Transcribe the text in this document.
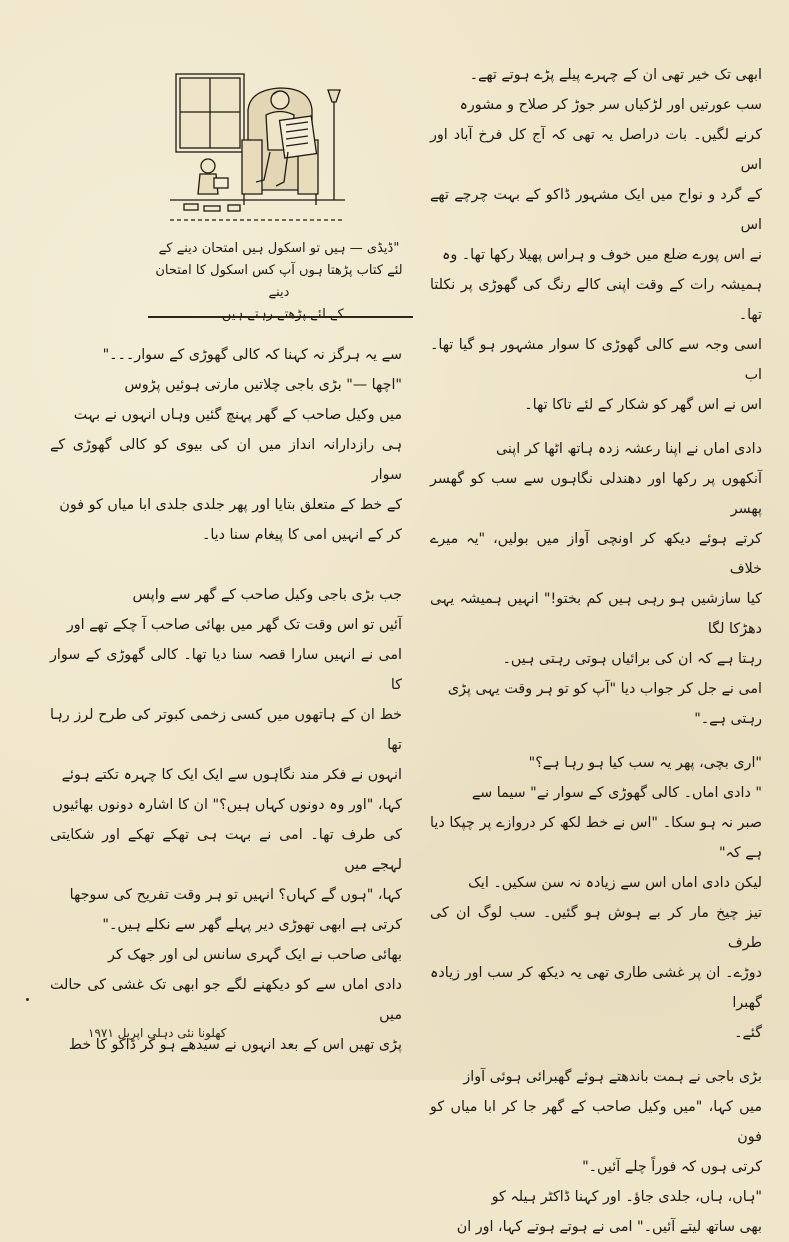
"ڈیڈی — ہیں تو اسکول ہیں امتحان دینے کے
لئے کتاب پڑھتا ہوں آپ کس اسکول کا امتحان دینے
کے لئے پڑھتے رہتے ہیں۔
ابھی تک خیر تھی ان کے چہرے پیلے پڑے ہوتے تھے۔
سب عورتیں اور لڑکیاں سر جوڑ کر صلاح و مشورہ
کرنے لگیں۔ بات دراصل یہ تھی کہ آج کل فرخ آباد اور اس
کے گرد و نواح میں ایک مشہور ڈاکو کے بہت چرچے تھے اس
نے اس پورے ضلع میں خوف و ہراس پھیلا رکھا تھا۔ وہ
ہمیشہ رات کے وقت اپنی کالے رنگ کی گھوڑی پر نکلتا تھا۔
اسی وجہ سے کالی گھوڑی کا سوار مشہور ہو گیا تھا۔ اب
اس نے اس گھر کو شکار کے لئے تاکا تھا۔
دادی اماں نے اپنا رعشہ زدہ ہاتھ اٹھا کر اپنی
آنکھوں پر رکھا اور دھندلی نگاہوں سے سب کو گھسر پھسر
کرتے ہوئے دیکھ کر اونچی آواز میں بولیں، "یہ میرے خلاف
کیا سازشیں ہو رہی ہیں کم بختو!" انہیں ہمیشہ یہی دھڑکا لگا
رہتا ہے کہ ان کی برائیاں ہوتی رہتی ہیں۔
امی نے جل کر جواب دیا "آپ کو تو ہر وقت یہی پڑی
رہتی ہے۔"
"اری بچی، پھر یہ سب کیا ہو رہا ہے؟"
" دادی اماں۔ کالی گھوڑی کے سوار نے" سیما سے
صبر نہ ہو سکا۔ "اس نے خط لکھ کر دروازے پر چپکا دیا ہے کہ"
لیکن دادی اماں اس سے زیادہ نہ سن سکیں۔ ایک
تیز چیخ مار کر بے ہوش ہو گئیں۔ سب لوگ ان کی طرف
دوڑے۔ ان پر غشی طاری تھی یہ دیکھ کر سب اور زیادہ گھبرا
گئے۔
بڑی باجی نے ہمت باندھتے ہوئے گھبرائی ہوئی آواز
میں کہا، "میں وکیل صاحب کے گھر جا کر ابا میاں کو فون
کرتی ہوں کہ فوراً چلے آئیں۔"
"ہاں، ہاں، جلدی جاؤ۔ اور کہنا ڈاکٹر ہیلہ کو
بھی ساتھ لیتے آئیں۔" امی نے ہوتے ہوتے کہا، اور ان
سے یہ ہرگز نہ کہنا کہ کالی گھوڑی کے سوار۔۔۔"
"اچھا —" بڑی باجی چلاتیں مارتی ہوئیں پڑوس
میں وکیل صاحب کے گھر پہنچ گئیں وہاں انہوں نے بہت
ہی رازدارانہ انداز میں ان کی بیوی کو کالی گھوڑی کے سوار
کے خط کے متعلق بتایا اور پھر جلدی جلدی ابا میاں کو فون
کر کے انہیں امی کا پیغام سنا دیا۔
جب بڑی باجی وکیل صاحب کے گھر سے واپس
آئیں تو اس وقت تک گھر میں بھائی صاحب آ چکے تھے اور
امی نے انہیں سارا قصہ سنا دیا تھا۔ کالی گھوڑی کے سوار کا
خط ان کے ہاتھوں میں کسی زخمی کبوتر کی طرح لرز رہا تھا
انہوں نے فکر مند نگاہوں سے ایک ایک کا چہرہ تکتے ہوئے
کہا، "اور وہ دونوں کہاں ہیں؟" ان کا اشارہ دونوں بھائیوں
کی طرف تھا۔ امی نے بہت ہی تھکے تھکے اور شکایتی لہجے میں
کہا، "ہوں گے کہاں؟ انہیں تو ہر وقت تفریح کی سوجھا
کرتی ہے ابھی تھوڑی دیر پہلے گھر سے نکلے ہیں۔"
بھائی صاحب نے ایک گہری سانس لی اور جھک کر
دادی اماں سے کو دیکھنے لگے جو ابھی تک غشی کی حالت میں
پڑی تھیں اس کے بعد انہوں نے سیدھے ہو کر ڈاکو کا خط
کھلونا نئی دہلی اپریل ۱۹۷۱
